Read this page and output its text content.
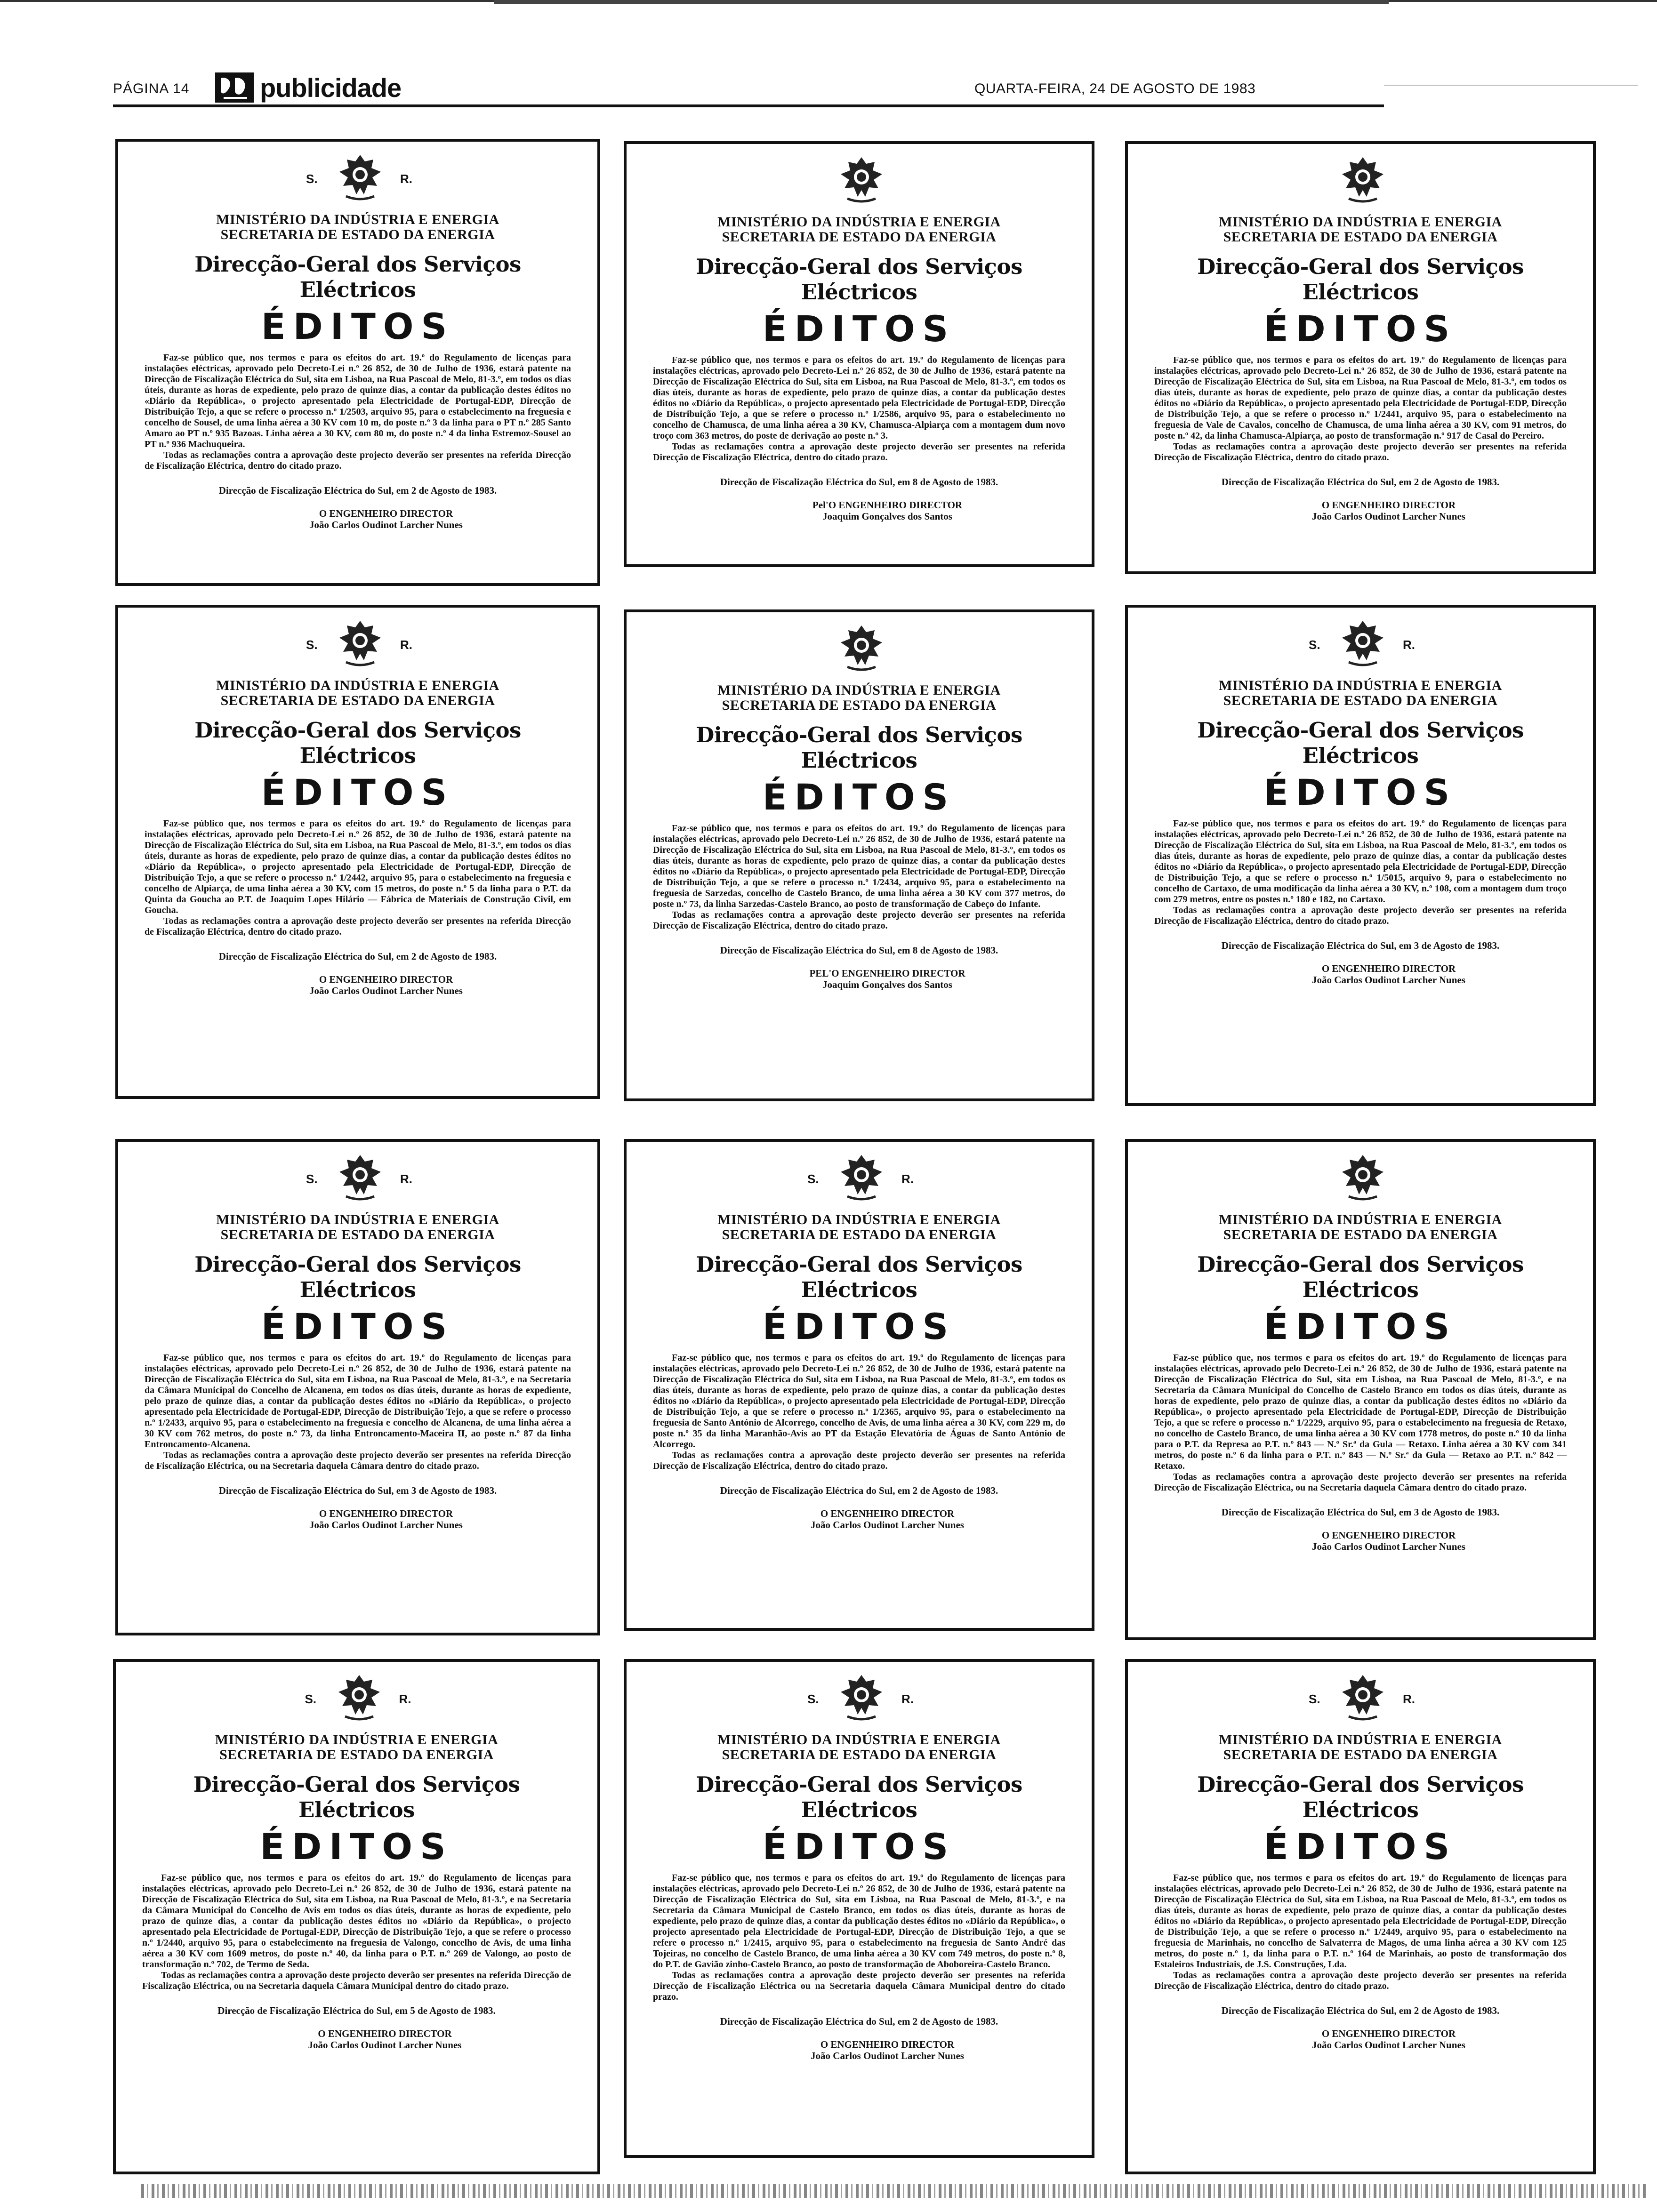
PÁGINA 14	publicidade	QUARTA-FEIRA, 24 DE AGOSTO DE 1983
S.	R.
MINISTÉRIO DA INDÚSTRIA E ENERGIA
SECRETARIA DE ESTADO DA ENERGIA
Direcção-Geral dos Serviços Eléctricos
ÉDITOS

Faz-se público que, nos termos e para os efeitos do art. 19.º do Regulamento de licenças para instalações eléctricas, aprovado pelo Decreto-Lei n.º 26 852, de 30 de Julho de 1936, estará patente na Direcção de Fiscalização Eléctrica do Sul, sita em Lisboa, na Rua Pascoal de Melo, 81-3.º, em todos os dias úteis, durante as horas de expediente, pelo prazo de quinze dias, a contar da publicação destes éditos no «Diário da República», o projecto apresentado pela Electricidade de Portugal-EDP, Direcção de Distribuição Tejo, a que se refere o processo n.º 1/2503, arquivo 95, para o estabelecimento na freguesia e concelho de Sousel, de uma linha aérea a 30 KV com 10 m, do poste n.º 3 da linha para o PT n.º 285 Santo Amaro ao PT n.º 935 Bazoas. Linha aérea a 30 KV, com 80 m, do poste n.º 4 da linha Estremoz-Sousel ao PT n.º 936 Machuqueira.

Todas as reclamações contra a aprovação deste projecto deverão ser presentes na referida Direcção de Fiscalização Eléctrica, dentro do citado prazo.

Direcção de Fiscalização Eléctrica do Sul, em 2 de Agosto de 1983.
O ENGENHEIRO DIRECTOR
João Carlos Oudinot Larcher Nunes
MINISTÉRIO DA INDÚSTRIA E ENERGIA
SECRETARIA DE ESTADO DA ENERGIA
Direcção-Geral dos Serviços Eléctricos
ÉDITOS

Faz-se público que, nos termos e para os efeitos do art. 19.º do Regulamento de licenças para instalações eléctricas, aprovado pelo Decreto-Lei n.º 26 852, de 30 de Julho de 1936, estará patente na Direcção de Fiscalização Eléctrica do Sul, sita em Lisboa, na Rua Pascoal de Melo, 81-3.º, em todos os dias úteis, durante as horas de expediente, pelo prazo de quinze dias, a contar da publicação destes éditos no «Diário da República», o projecto apresentado pela Electricidade de Portugal-EDP, Direcção de Distribuição Tejo, a que se refere o processo n.º 1/2586, arquivo 95, para o estabelecimento no concelho de Chamusca, de uma linha aérea a 30 KV, Chamusca-Alpiarça com a montagem dum novo troço com 363 metros, do poste de derivação ao poste n.º 3.

Todas as reclamações contra a aprovação deste projecto deverão ser presentes na referida Direcção de Fiscalização Eléctrica, dentro do citado prazo.

Direcção de Fiscalização Eléctrica do Sul, em 8 de Agosto de 1983.
Pel'O ENGENHEIRO DIRECTOR
Joaquim Gonçalves dos Santos
MINISTÉRIO DA INDÚSTRIA E ENERGIA
SECRETARIA DE ESTADO DA ENERGIA
Direcção-Geral dos Serviços Eléctricos
ÉDITOS

Faz-se público que, nos termos e para os efeitos do art. 19.º do Regulamento de licenças para instalações eléctricas, aprovado pelo Decreto-Lei n.º 26 852, de 30 de Julho de 1936, estará patente na Direcção de Fiscalização Eléctrica do Sul, sita em Lisboa, na Rua Pascoal de Melo, 81-3.º, em todos os dias úteis, durante as horas de expediente, pelo prazo de quinze dias, a contar da publicação destes éditos no «Diário da República», o projecto apresentado pela Electricidade de Portugal-EDP, Direcção de Distribuição Tejo, a que se refere o processo n.º 1/2441, arquivo 95, para o estabelecimento na freguesia de Vale de Cavalos, concelho de Chamusca, de uma linha aérea a 30 KV, com 91 metros, do poste n.º 42, da linha Chamusca-Alpiarça, ao posto de transformação n.º 917 de Casal do Pereiro.

Todas as reclamações contra a aprovação deste projecto deverão ser presentes na referida Direcção de Fiscalização Eléctrica, dentro do citado prazo.

Direcção de Fiscalização Eléctrica do Sul, em 2 de Agosto de 1983.
O ENGENHEIRO DIRECTOR
João Carlos Oudinot Larcher Nunes
S.	R.
MINISTÉRIO DA INDÚSTRIA E ENERGIA
SECRETARIA DE ESTADO DA ENERGIA
Direcção-Geral dos Serviços Eléctricos
ÉDITOS

Faz-se público que, nos termos e para os efeitos do art. 19.º do Regulamento de licenças para instalações eléctricas, aprovado pelo Decreto-Lei n.º 26 852, de 30 de Julho de 1936, estará patente na Direcção de Fiscalização Eléctrica do Sul, sita em Lisboa, na Rua Pascoal de Melo, 81-3.º, em todos os dias úteis, durante as horas de expediente, pelo prazo de quinze dias, a contar da publicação destes éditos no «Diário da República», o projecto apresentado pela Electricidade de Portugal-EDP, Direcção de Distribuição Tejo, a que se refere o processo n.º 1/2442, arquivo 95, para o estabelecimento na freguesia e concelho de Alpiarça, de uma linha aérea a 30 KV, com 15 metros, do poste n.º 5 da linha para o P.T. da Quinta da Goucha ao P.T. de Joaquim Lopes Hilário — Fábrica de Materiais de Construção Civil, em Goucha.

Todas as reclamações contra a aprovação deste projecto deverão ser presentes na referida Direcção de Fiscalização Eléctrica, dentro do citado prazo.

Direcção de Fiscalização Eléctrica do Sul, em 2 de Agosto de 1983.
O ENGENHEIRO DIRECTOR
João Carlos Oudinot Larcher Nunes
MINISTÉRIO DA INDÚSTRIA E ENERGIA
SECRETARIA DE ESTADO DA ENERGIA
Direcção-Geral dos Serviços Eléctricos
ÉDITOS

Faz-se público que, nos termos e para os efeitos do art. 19.º do Regulamento de licenças para instalações eléctricas, aprovado pelo Decreto-Lei n.º 26 852, de 30 de Julho de 1936, estará patente na Direcção de Fiscalização Eléctrica do Sul, sita em Lisboa, na Rua Pascoal de Melo, 81-3.º, em todos os dias úteis, durante as horas de expediente, pelo prazo de quinze dias, a contar da publicação destes éditos no «Diário da República», o projecto apresentado pela Electricidade de Portugal-EDP, Direcção de Distribuição Tejo, a que se refere o processo n.º 1/2434, arquivo 95, para o estabelecimento na freguesia de Sarzedas, concelho de Castelo Branco, de uma linha aérea a 30 KV com 377 metros, do poste n.º 73, da linha Sarzedas-Castelo Branco, ao posto de transformação de Cabeço do Infante.

Todas as reclamações contra a aprovação deste projecto deverão ser presentes na referida Direcção de Fiscalização Eléctrica, dentro do citado prazo.

Direcção de Fiscalização Eléctrica do Sul, em 8 de Agosto de 1983.
PEL'O ENGENHEIRO DIRECTOR
Joaquim Gonçalves dos Santos
S.	R.
MINISTÉRIO DA INDÚSTRIA E ENERGIA
SECRETARIA DE ESTADO DA ENERGIA
Direcção-Geral dos Serviços Eléctricos
ÉDITOS

Faz-se público que, nos termos e para os efeitos do art. 19.º do Regulamento de licenças para instalações eléctricas, aprovado pelo Decreto-Lei n.º 26 852, de 30 de Julho de 1936, estará patente na Direcção de Fiscalização Eléctrica do Sul, sita em Lisboa, na Rua Pascoal de Melo, 81-3.º, em todos os dias úteis, durante as horas de expediente, pelo prazo de quinze dias, a contar da publicação destes éditos no «Diário da República», o projecto apresentado pela Electricidade de Portugal-EDP, Direcção de Distribuição Tejo, a que se refere o processo n.º 1/5015, arquivo 9, para o estabelecimento no concelho de Cartaxo, de uma modificação da linha aérea a 30 KV, n.º 108, com a montagem dum troço com 279 metros, entre os postes n.º 180 e 182, no Cartaxo.

Todas as reclamações contra a aprovação deste projecto deverão ser presentes na referida Direcção de Fiscalização Eléctrica, dentro do citado prazo.

Direcção de Fiscalização Eléctrica do Sul, em 3 de Agosto de 1983.
O ENGENHEIRO DIRECTOR
João Carlos Oudinot Larcher Nunes
S.	R.
MINISTÉRIO DA INDÚSTRIA E ENERGIA
SECRETARIA DE ESTADO DA ENERGIA
Direcção-Geral dos Serviços Eléctricos
ÉDITOS

Faz-se público que, nos termos e para os efeitos do art. 19.º do Regulamento de licenças para instalações eléctricas, aprovado pelo Decreto-Lei n.º 26 852, de 30 de Julho de 1936, estará patente na Direcção de Fiscalização Eléctrica do Sul, sita em Lisboa, na Rua Pascoal de Melo, 81-3.º, e na Secretaria da Câmara Municipal do Concelho de Alcanena, em todos os dias úteis, durante as horas de expediente, pelo prazo de quinze dias, a contar da publicação destes éditos no «Diário da República», o projecto apresentado pela Electricidade de Portugal-EDP, Direcção de Distribuição Tejo, a que se refere o processo n.º 1/2433, arquivo 95, para o estabelecimento na freguesia e concelho de Alcanena, de uma linha aérea a 30 KV com 762 metros, do poste n.º 73, da linha Entroncamento-Maceira II, ao poste n.º 87 da linha Entroncamento-Alcanena.

Todas as reclamações contra a aprovação deste projecto deverão ser presentes na referida Direcção de Fiscalização Eléctrica, ou na Secretaria daquela Câmara dentro do citado prazo.

Direcção de Fiscalização Eléctrica do Sul, em 3 de Agosto de 1983.
O ENGENHEIRO DIRECTOR
João Carlos Oudinot Larcher Nunes
S.	R.
MINISTÉRIO DA INDÚSTRIA E ENERGIA
SECRETARIA DE ESTADO DA ENERGIA
Direcção-Geral dos Serviços Eléctricos
ÉDITOS

Faz-se público que, nos termos e para os efeitos do art. 19.º do Regulamento de licenças para instalações eléctricas, aprovado pelo Decreto-Lei n.º 26 852, de 30 de Julho de 1936, estará patente na Direcção de Fiscalização Eléctrica do Sul, sita em Lisboa, na Rua Pascoal de Melo, 81-3.º, em todos os dias úteis, durante as horas de expediente, pelo prazo de quinze dias, a contar da publicação destes éditos no «Diário da República», o projecto apresentado pela Electricidade de Portugal-EDP, Direcção de Distribuição Tejo, a que se refere o processo n.º 1/2365, arquivo 95, para o estabelecimento na freguesia de Santo António de Alcorrego, concelho de Avis, de uma linha aérea a 30 KV, com 229 m, do poste n.º 35 da linha Maranhão-Avis ao PT da Estação Elevatória de Águas de Santo António de Alcorrego.

Todas as reclamações contra a aprovação deste projecto deverão ser presentes na referida Direcção de Fiscalização Eléctrica, dentro do citado prazo.

Direcção de Fiscalização Eléctrica do Sul, em 2 de Agosto de 1983.
O ENGENHEIRO DIRECTOR
João Carlos Oudinot Larcher Nunes
MINISTÉRIO DA INDÚSTRIA E ENERGIA
SECRETARIA DE ESTADO DA ENERGIA
Direcção-Geral dos Serviços Eléctricos
ÉDITOS

Faz-se público que, nos termos e para os efeitos do art. 19.º do Regulamento de licenças para instalações eléctricas, aprovado pelo Decreto-Lei n.º 26 852, de 30 de Julho de 1936, estará patente na Direcção de Fiscalização Eléctrica do Sul, sita em Lisboa, na Rua Pascoal de Melo, 81-3.º, e na Secretaria da Câmara Municipal do Concelho de Castelo Branco em todos os dias úteis, durante as horas de expediente, pelo prazo de quinze dias, a contar da publicação destes éditos no «Diário da República», o projecto apresentado pela Electricidade de Portugal-EDP, Direcção de Distribuição Tejo, a que se refere o processo n.º 1/2229, arquivo 95, para o estabelecimento na freguesia de Retaxo, no concelho de Castelo Branco, de uma linha aérea a 30 KV com 1778 metros, do poste n.º 10 da linha para o P.T. da Represa ao P.T. n.º 843 — N.º Sr.ª da Gula — Retaxo. Linha aérea a 30 KV com 341 metros, do poste n.º 6 da linha para o P.T. n.º 843 — N.º Sr.ª da Gula — Retaxo ao P.T. n.º 842 — Retaxo.

Todas as reclamações contra a aprovação deste projecto deverão ser presentes na referida Direcção de Fiscalização Eléctrica, ou na Secretaria daquela Câmara dentro do citado prazo.

Direcção de Fiscalização Eléctrica do Sul, em 3 de Agosto de 1983.
O ENGENHEIRO DIRECTOR
João Carlos Oudinot Larcher Nunes
S.	R.
MINISTÉRIO DA INDÚSTRIA E ENERGIA
SECRETARIA DE ESTADO DA ENERGIA
Direcção-Geral dos Serviços Eléctricos
ÉDITOS

Faz-se público que, nos termos e para os efeitos do art. 19.º do Regulamento de licenças para instalações eléctricas, aprovado pelo Decreto-Lei n.º 26 852, de 30 de Julho de 1936, estará patente na Direcção de Fiscalização Eléctrica do Sul, sita em Lisboa, na Rua Pascoal de Melo, 81-3.º, e na Secretaria da Câmara Municipal do Concelho de Avis em todos os dias úteis, durante as horas de expediente, pelo prazo de quinze dias, a contar da publicação destes éditos no «Diário da República», o projecto apresentado pela Electricidade de Portugal-EDP, Direcção de Distribuição Tejo, a que se refere o processo n.º 1/2440, arquivo 95, para o estabelecimento na freguesia de Valongo, concelho de Avis, de uma linha aérea a 30 KV com 1609 metros, do poste n.º 40, da linha para o P.T. n.º 269 de Valongo, ao posto de transformação n.º 702, de Termo de Seda.

Todas as reclamações contra a aprovação deste projecto deverão ser presentes na referida Direcção de Fiscalização Eléctrica, ou na Secretaria daquela Câmara Municipal dentro do citado prazo.

Direcção de Fiscalização Eléctrica do Sul, em 5 de Agosto de 1983.
O ENGENHEIRO DIRECTOR
João Carlos Oudinot Larcher Nunes
S.	R.
MINISTÉRIO DA INDÚSTRIA E ENERGIA
SECRETARIA DE ESTADO DA ENERGIA
Direcção-Geral dos Serviços Eléctricos
ÉDITOS

Faz-se público que, nos termos e para os efeitos do art. 19.º do Regulamento de licenças para instalações eléctricas, aprovado pelo Decreto-Lei n.º 26 852, de 30 de Julho de 1936, estará patente na Direcção de Fiscalização Eléctrica do Sul, sita em Lisboa, na Rua Pascoal de Melo, 81-3.º, e na Secretaria da Câmara Municipal de Castelo Branco, em todos os dias úteis, durante as horas de expediente, pelo prazo de quinze dias, a contar da publicação destes éditos no «Diário da República», o projecto apresentado pela Electricidade de Portugal-EDP, Direcção de Distribuição Tejo, a que se refere o processo n.º 1/2415, arquivo 95, para o estabelecimento na freguesia de Santo André das Tojeiras, no concelho de Castelo Branco, de uma linha aérea a 30 KV com 749 metros, do poste n.º 8, do P.T. de Gavião zinho-Castelo Branco, ao posto de transformação de Aboboreira-Castelo Branco.

Todas as reclamações contra a aprovação deste projecto deverão ser presentes na referida Direcção de Fiscalização Eléctrica ou na Secretaria daquela Câmara Municipal dentro do citado prazo.

Direcção de Fiscalização Eléctrica do Sul, em 2 de Agosto de 1983.
O ENGENHEIRO DIRECTOR
João Carlos Oudinot Larcher Nunes
S.	R.
MINISTÉRIO DA INDÚSTRIA E ENERGIA
SECRETARIA DE ESTADO DA ENERGIA
Direcção-Geral dos Serviços Eléctricos
ÉDITOS

Faz-se público que, nos termos e para os efeitos do art. 19.º do Regulamento de licenças para instalações eléctricas, aprovado pelo Decreto-Lei n.º 26 852, de 30 de Julho de 1936, estará patente na Direcção de Fiscalização Eléctrica do Sul, sita em Lisboa, na Rua Pascoal de Melo, 81-3.º, em todos os dias úteis, durante as horas de expediente, pelo prazo de quinze dias, a contar da publicação destes éditos no «Diário da República», o projecto apresentado pela Electricidade de Portugal-EDP, Direcção de Distribuição Tejo, a que se refere o processo n.º 1/2449, arquivo 95, para o estabelecimento na freguesia de Marinhais, no concelho de Salvaterra de Magos, de uma linha aérea a 30 KV com 125 metros, do poste n.º 1, da linha para o P.T. n.º 164 de Marinhais, ao posto de transformação dos Estaleiros Industriais, de J.S. Construções, Lda.

Todas as reclamações contra a aprovação deste projecto deverão ser presentes na referida Direcção de Fiscalização Eléctrica, dentro do citado prazo.

Direcção de Fiscalização Eléctrica do Sul, em 2 de Agosto de 1983.
O ENGENHEIRO DIRECTOR
João Carlos Oudinot Larcher Nunes
